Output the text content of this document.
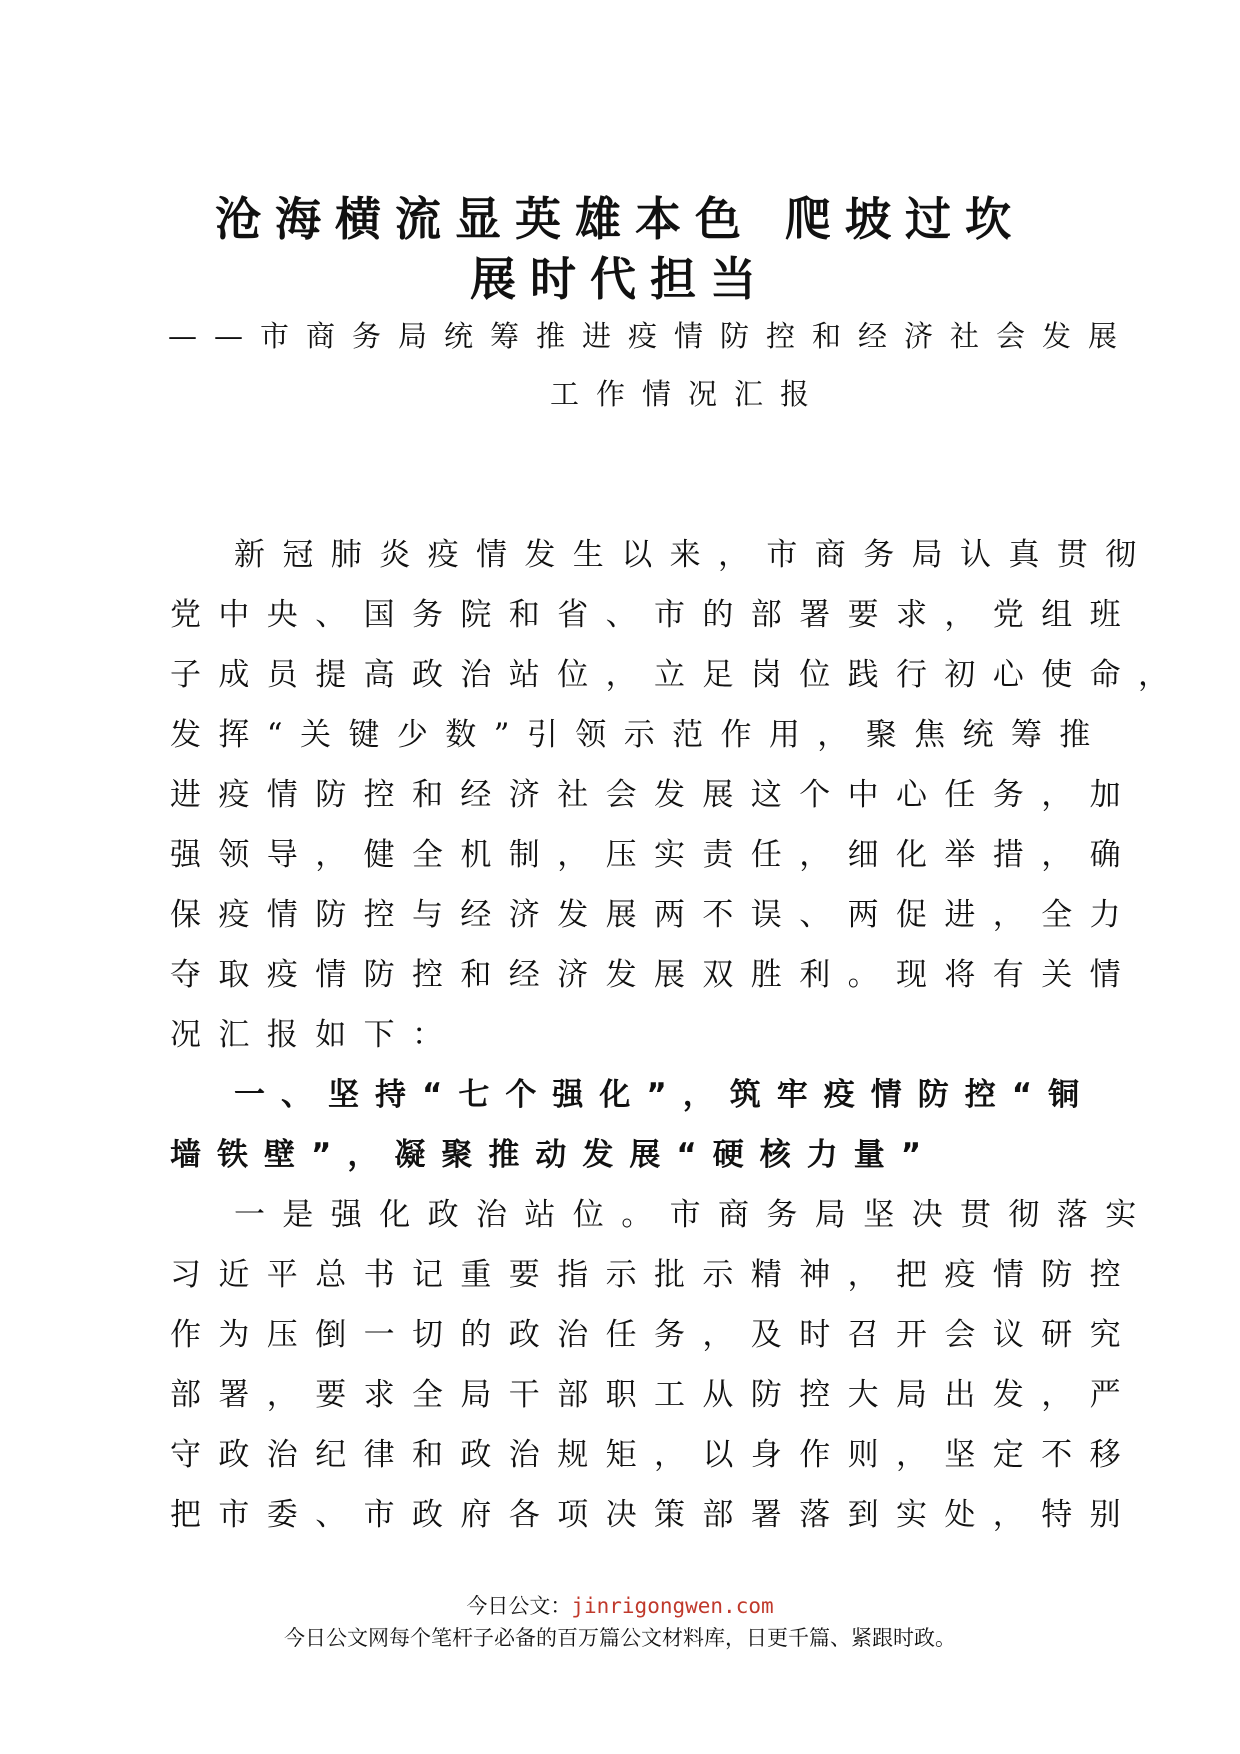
沧海横流显英雄本色 爬坡过坎
展时代担当
——市商务局统筹推进疫情防控和经济社会发展
工作情况汇报
新冠肺炎疫情发生以来，市商务局认真贯彻
党中央、国务院和省、市的部署要求，党组班
子成员提高政治站位，立足岗位践行初心使命，
发挥“关键少数”引领示范作用，聚焦统筹推
进疫情防控和经济社会发展这个中心任务，加
强领导，健全机制，压实责任，细化举措，确
保疫情防控与经济发展两不误、两促进，全力
夺取疫情防控和经济发展双胜利。现将有关情
况汇报如下：
一、坚持“七个强化”，筑牢疫情防控“铜
墙铁壁”，凝聚推动发展“硬核力量”
一是强化政治站位。市商务局坚决贯彻落实
习近平总书记重要指示批示精神，把疫情防控
作为压倒一切的政治任务，及时召开会议研究
部署，要求全局干部职工从防控大局出发，严
守政治纪律和政治规矩，以身作则，坚定不移
把市委、市政府各项决策部署落到实处，特别
今日公文：jinrigongwen.com
今日公文网每个笔杆子必备的百万篇公文材料库，日更千篇、紧跟时政。
